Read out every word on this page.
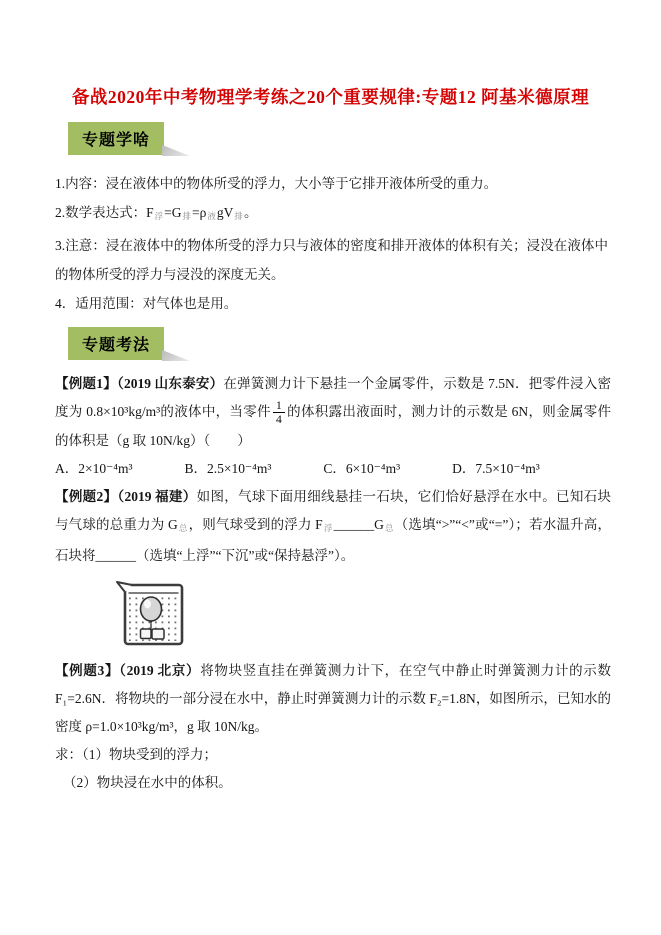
备战2020年中考物理学考练之20个重要规律:专题12 阿基米德原理
专题学啥

1.内容：浸在液体中的物体所受的浮力，大小等于它排开液体所受的重力。

2.数学表达式：$F_浮=G_排=\rho_液gV_排$。

3.注意：浸在液体中的物体所受的浮力只与液体的密度和排开液体的体积有关；浸没在液体中的物体所受的浮力与浸没的深度无关。

4．适用范围：对气体也是用。

专题考法

【例题1】（2019 山东泰安）在弹簧测力计下悬挂一个金属零件，示数是 7.5N．把零件浸入密度为 0.8×10³kg/m³的液体中，当零件 $\frac{1}{4}$ 的体积露出液面时，测力计的示数是 6N，则金属零件的体积是（g 取 10N/kg）（　　）

A．2×10⁻⁴m³	B．2.5×10⁻⁴m³	C．6×10⁻⁴m³	D．7.5×10⁻⁴m³

【例题2】（2019 福建）如图，气球下面用细线悬挂一石块，它们恰好悬浮在水中。已知石块与气球的总重力为 $G_总$，则气球受到的浮力 $F_浮\_\_\_\_\_\_G_总$（选填“>”“<”或“=”）；若水温升高，石块将______（选填“上浮”“下沉”或“保持悬浮”）。

【例题3】（2019 北京）将物块竖直挂在弹簧测力计下，在空气中静止时弹簧测力计的示数 F₁=2.6N．将物块的一部分浸在水中，静止时弹簧测力计的示数 F₂=1.8N，如图所示，已知水的密度 ρ=1.0×10³kg/m³，g 取 10N/kg。

求：（1）物块受到的浮力；

（2）物块浸在水中的体积。
